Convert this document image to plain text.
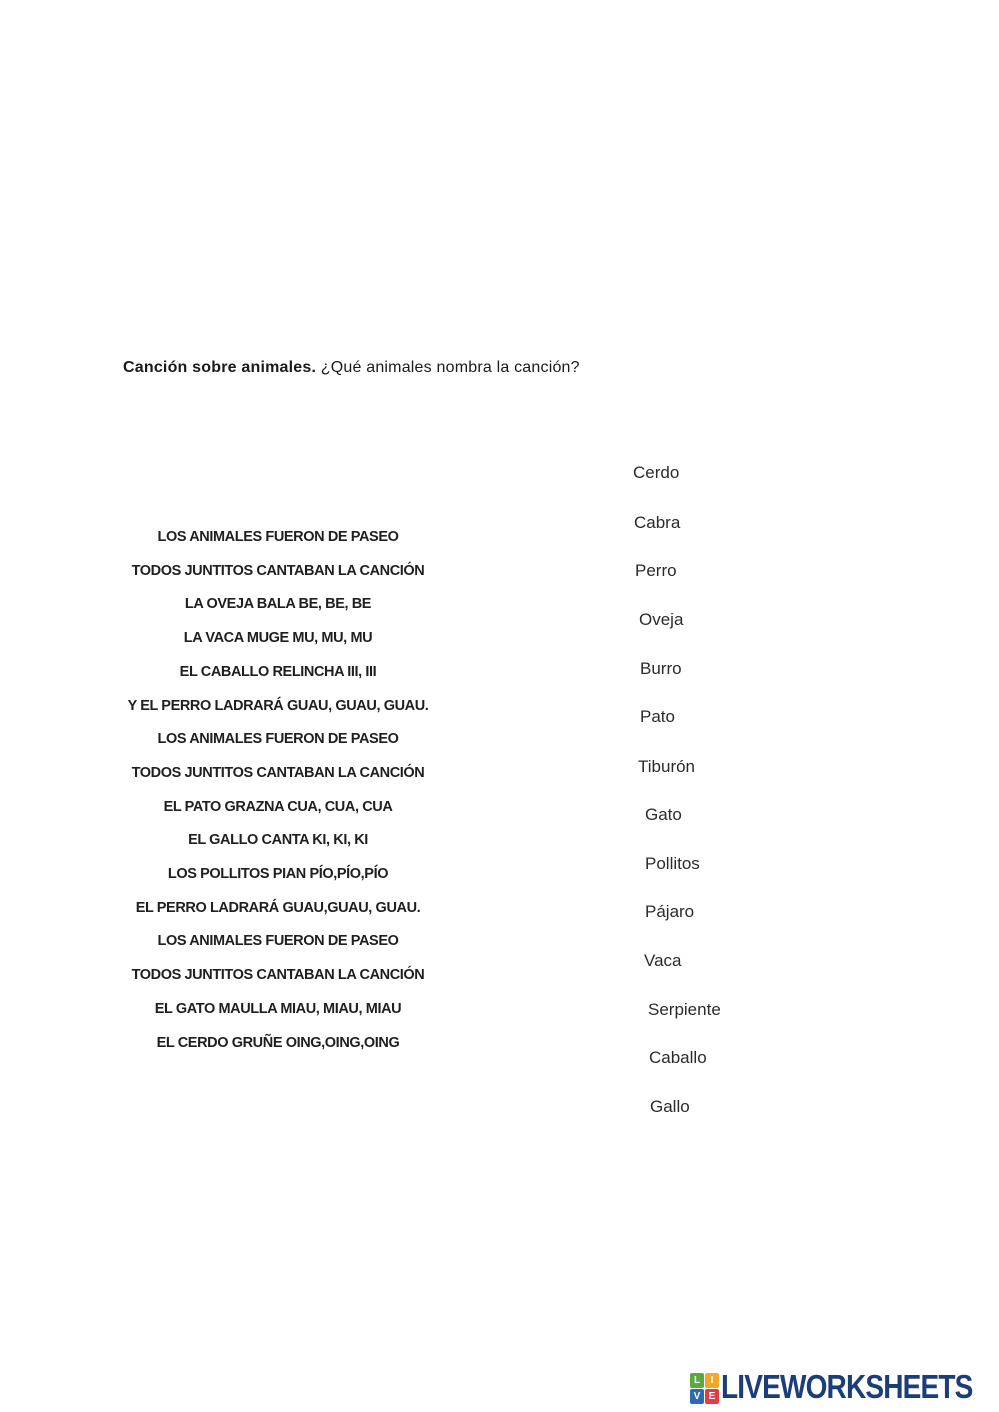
Canción sobre animales. ¿Qué animales nombra la canción?

LOS ANIMALES FUERON DE PASEO
TODOS JUNTITOS CANTABAN LA CANCIÓN
LA OVEJA BALA BE, BE, BE
LA VACA MUGE MU, MU, MU
EL CABALLO RELINCHA III, III
Y EL PERRO LADRARÁ GUAU, GUAU, GUAU.
LOS ANIMALES FUERON DE PASEO
TODOS JUNTITOS CANTABAN LA CANCIÓN
EL PATO GRAZNA CUA, CUA, CUA
EL GALLO CANTA KI, KI, KI
LOS POLLITOS PIAN PÍO,PÍO,PÍO
EL PERRO LADRARÁ GUAU,GUAU, GUAU.
LOS ANIMALES FUERON DE PASEO
TODOS JUNTITOS CANTABAN LA CANCIÓN
EL GATO MAULLA MIAU, MIAU, MIAU
EL CERDO GRUÑE OING,OING,OING
Cerdo
Cabra
Perro
Oveja
Burro
Pato
Tiburón
Gato
Pollitos
Pájaro
Vaca
Serpiente
Caballo
Gallo
L	I
V E LIVEWORKSHEETS
